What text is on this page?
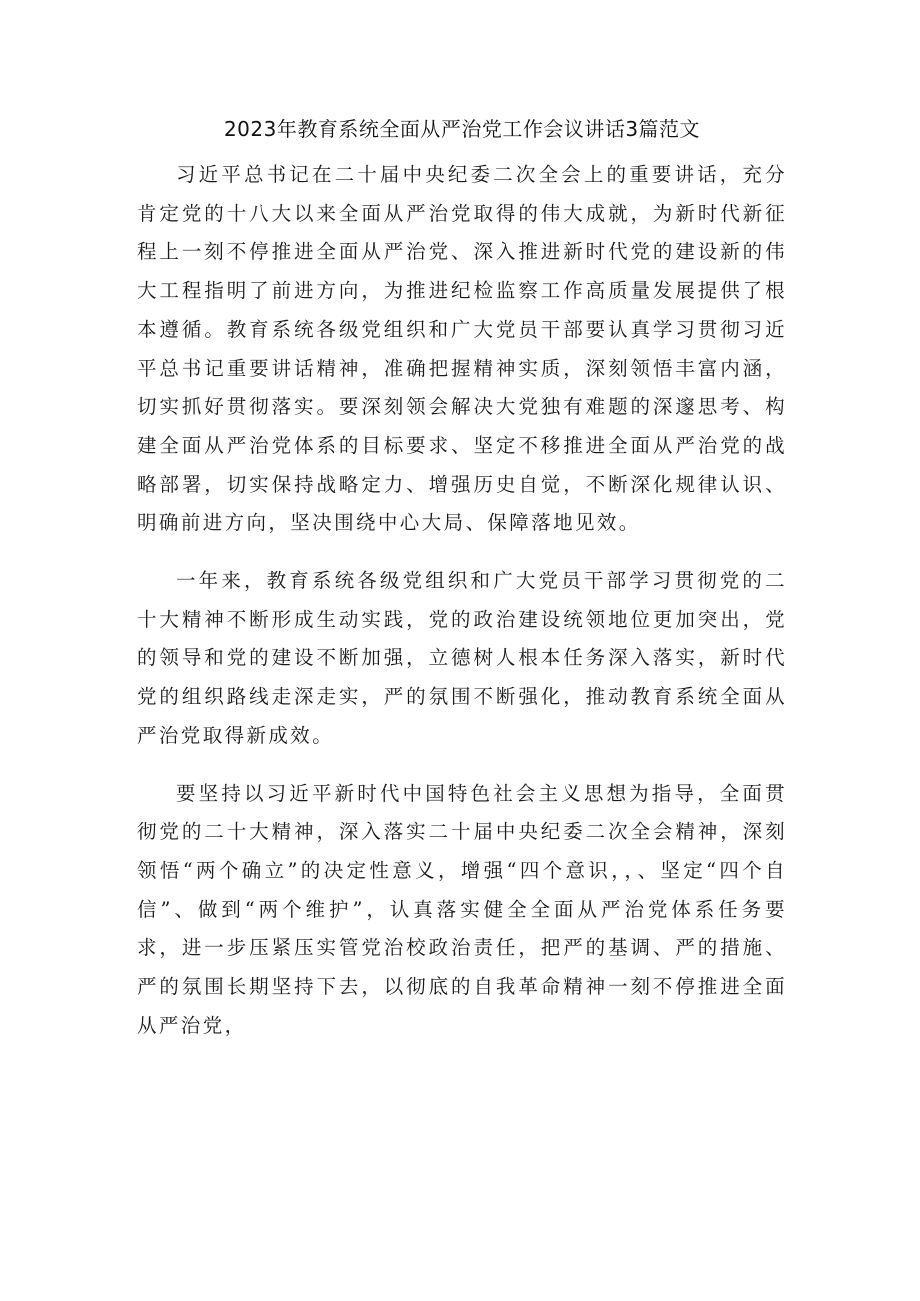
2023年教育系统全面从严治党工作会议讲话3篇范文

习近平总书记在二十届中央纪委二次全会上的重要讲话，充分肯定党的十八大以来全面从严治党取得的伟大成就，为新时代新征程上一刻不停推进全面从严治党、深入推进新时代党的建设新的伟大工程指明了前进方向，为推进纪检监察工作高质量发展提供了根本遵循。教育系统各级党组织和广大党员干部要认真学习贯彻习近平总书记重要讲话精神，准确把握精神实质，深刻领悟丰富内涵，切实抓好贯彻落实。要深刻领会解决大党独有难题的深邃思考、构建全面从严治党体系的目标要求、坚定不移推进全面从严治党的战略部署，切实保持战略定力、增强历史自觉，不断深化规律认识、明确前进方向，坚决围绕中心大局、保障落地见效。

一年来，教育系统各级党组织和广大党员干部学习贯彻党的二十大精神不断形成生动实践，党的政治建设统领地位更加突出，党的领导和党的建设不断加强，立德树人根本任务深入落实，新时代党的组织路线走深走实，严的氛围不断强化，推动教育系统全面从严治党取得新成效。

要坚持以习近平新时代中国特色社会主义思想为指导，全面贯彻党的二十大精神，深入落实二十届中央纪委二次全会精神，深刻领悟“两个确立”的决定性意义，增强“四个意识，，、坚定“四个自信”、做到“两个维护”，认真落实健全全面从严治党体系任务要求，进一步压紧压实管党治校政治责任，把严的基调、严的措施、严的氛围长期坚持下去，以彻底的自我革命精神一刻不停推进全面从严治党，
